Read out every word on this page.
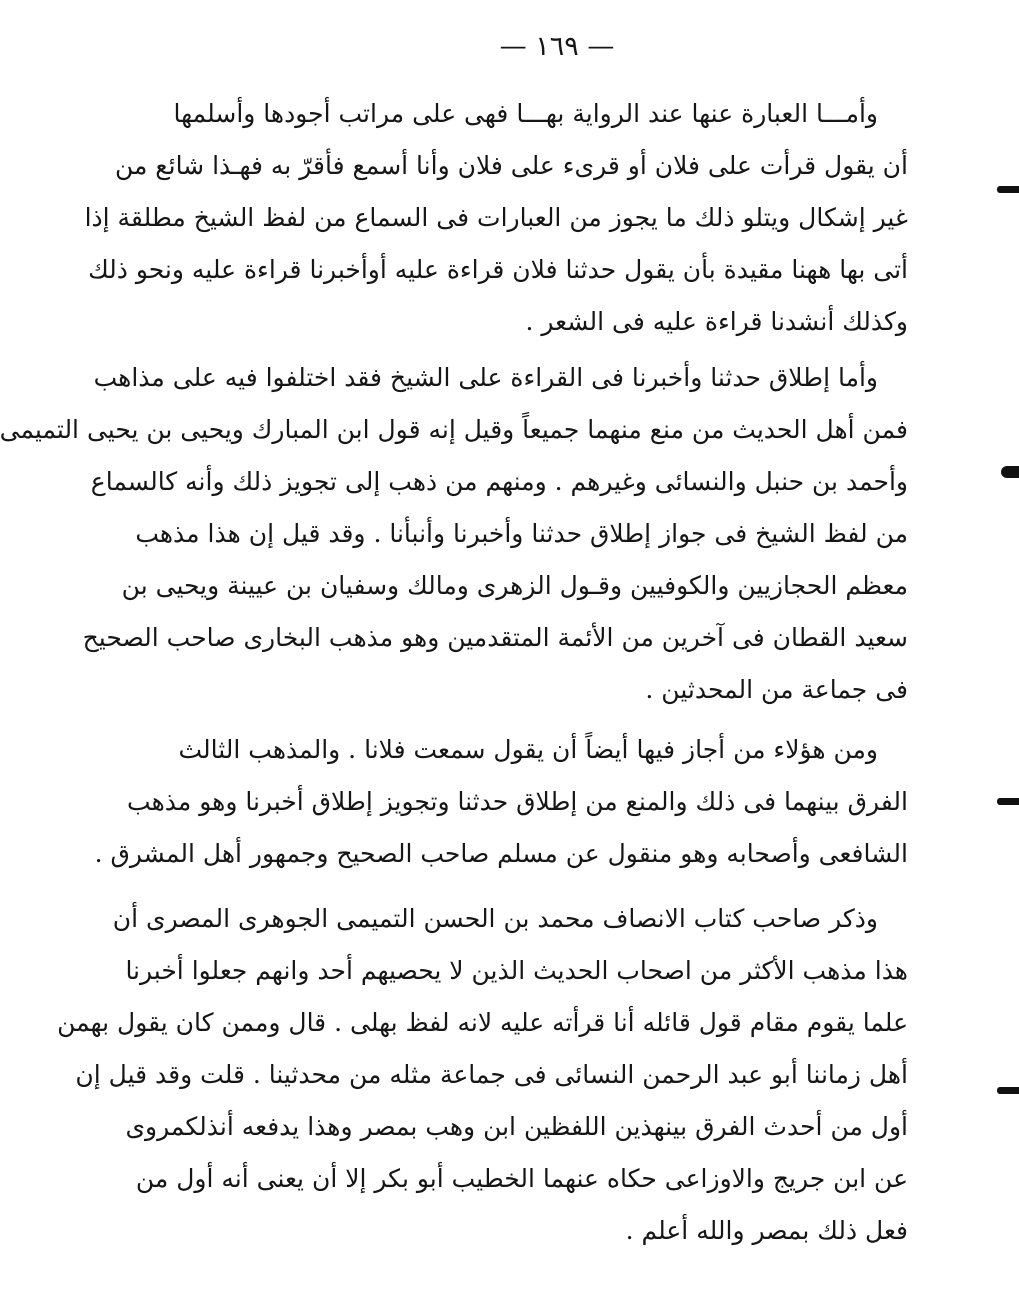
— ١٦٩ —
وأمـــا العبارة عنها عند الرواية بهـــا فهى على مراتب أجودها وأسلمها
أن يقول قرأت على فلان أو قرىء على فلان وأنا أسمع فأقرّ به فهـذا شائع من
غير إشكال ويتلو ذلك ما يجوز من العبارات فى السماع من لفظ الشيخ مطلقة إذا
أتى بها ههنا مقيدة بأن يقول حدثنا فلان قراءة عليه أوأخبرنا قراءة عليه ونحو ذلك
وكذلك أنشدنا قراءة عليه فى الشعر .
وأما إطلاق حدثنا وأخبرنا فى القراءة على الشيخ فقد اختلفوا فيه على مذاهب
فمن أهل الحديث من منع منهما جميعاً وقيل إنه قول ابن المبارك ويحيى بن يحيى التميمى
وأحمد بن حنبل والنسائى وغيرهم . ومنهم من ذهب إلى تجويز ذلك وأنه كالسماع
من لفظ الشيخ فى جواز إطلاق حدثنا وأخبرنا وأنبأنا . وقد قيل إن هذا مذهب
معظم الحجازيين والكوفيين وقـول الزهرى ومالك وسفيان بن عيينة ويحيى بن
سعيد القطان فى آخرين من الأئمة المتقدمين وهو مذهب البخارى صاحب الصحيح
فى جماعة من المحدثين .
ومن هؤلاء من أجاز فيها أيضاً أن يقول سمعت فلانا . والمذهب الثالث
الفرق بينهما فى ذلك والمنع من إطلاق حدثنا وتجويز إطلاق أخبرنا وهو مذهب
الشافعى وأصحابه وهو منقول عن مسلم صاحب الصحيح وجمهور أهل المشرق .
وذكر صاحب كتاب الانصاف محمد بن الحسن التميمى الجوهرى المصرى أن
هذا مذهب الأكثر من اصحاب الحديث الذين لا يحصيهم أحد وانهم جعلوا أخبرنا
علما يقوم مقام قول قائله أنا قرأته عليه لانه لفظ بهلى . قال وممن كان يقول بهمن
أهل زماننا أبو عبد الرحمن النسائى فى جماعة مثله من محدثينا . قلت وقد قيل إن
أول من أحدث الفرق بينهذين اللفظين ابن وهب بمصر وهذا يدفعه أنذلكمروى
عن ابن جريج والاوزاعى حكاه عنهما الخطيب أبو بكر إلا أن يعنى أنه أول من
فعل ذلك بمصر والله أعلم .
